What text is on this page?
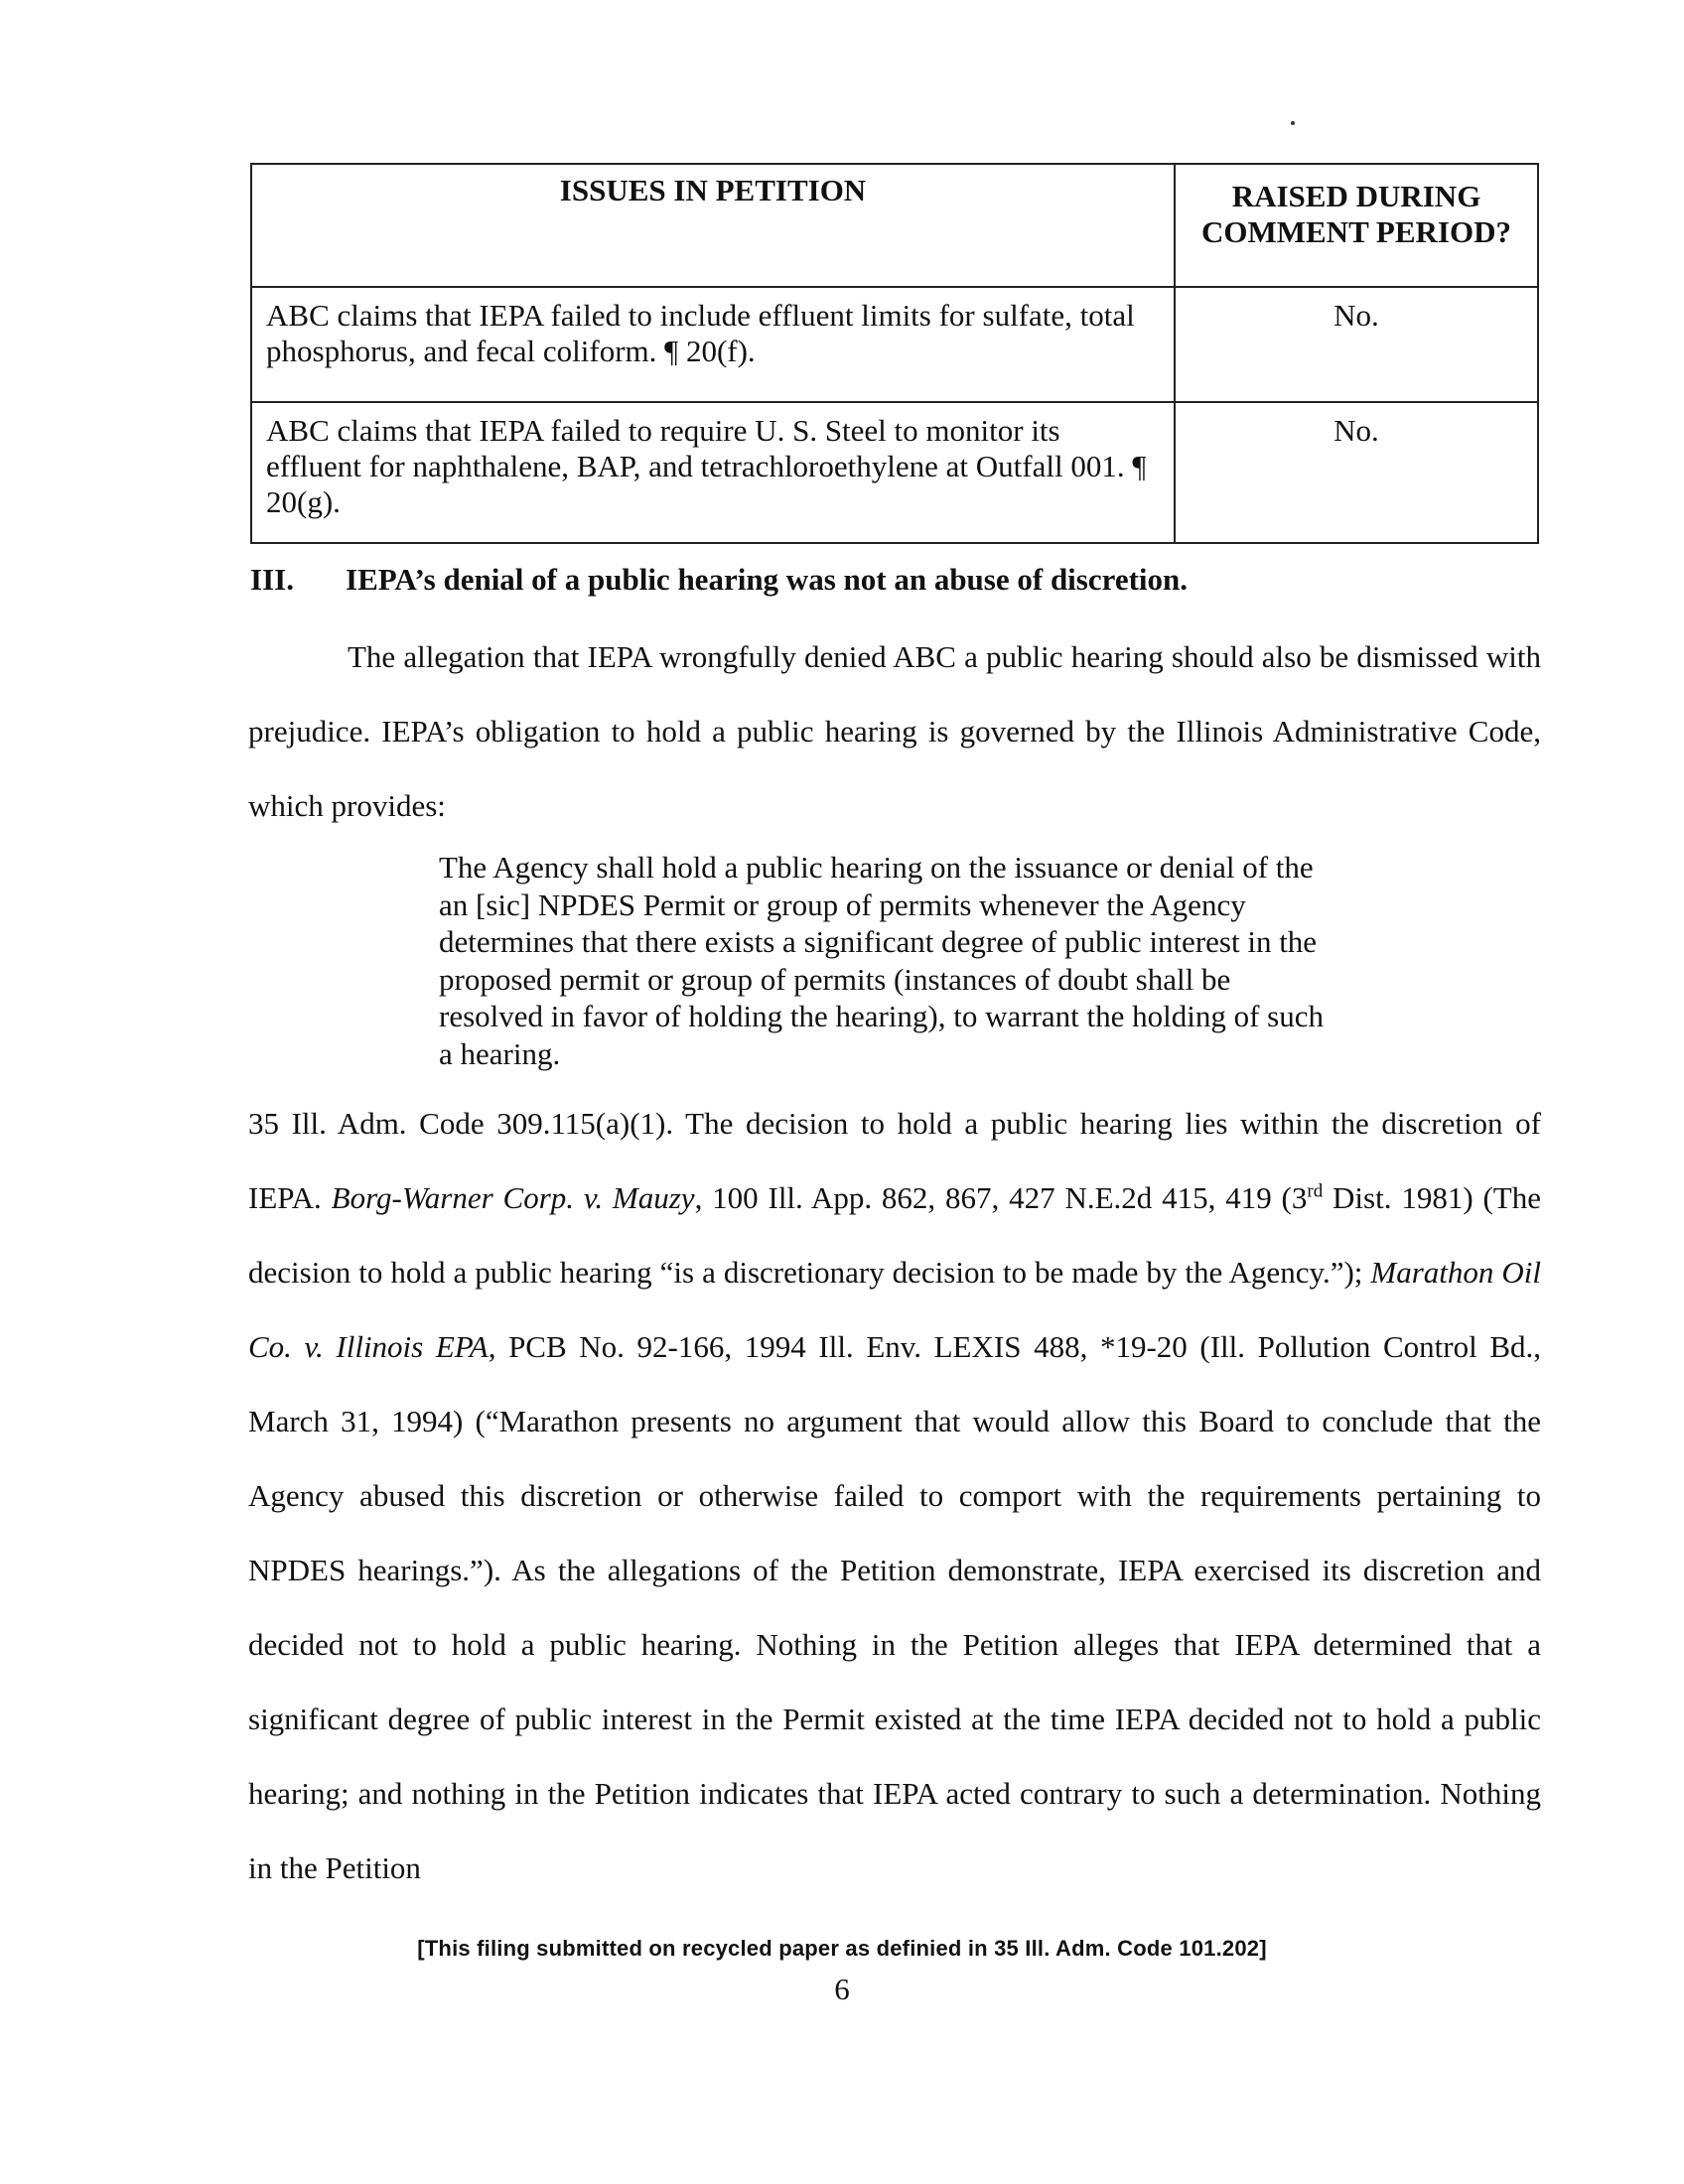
ISSUES IN PETITION	RAISED DURING COMMENT PERIOD?
ABC claims that IEPA failed to include effluent limits for sulfate, total phosphorus, and fecal coliform. ¶ 20(f).	No.
ABC claims that IEPA failed to require U. S. Steel to monitor its effluent for naphthalene, BAP, and tetrachloroethylene at Outfall 001. ¶ 20(g).	No.
III. IEPA’s denial of a public hearing was not an abuse of discretion.

The allegation that IEPA wrongfully denied ABC a public hearing should also be dismissed with prejudice. IEPA’s obligation to hold a public hearing is governed by the Illinois Administrative Code, which provides:

The Agency shall hold a public hearing on the issuance or denial of the an [sic] NPDES Permit or group of permits whenever the Agency determines that there exists a significant degree of public interest in the proposed permit or group of permits (instances of doubt shall be resolved in favor of holding the hearing), to warrant the holding of such a hearing.

35 Ill. Adm. Code 309.115(a)(1). The decision to hold a public hearing lies within the discretion of IEPA. Borg-Warner Corp. v. Mauzy, 100 Ill. App. 862, 867, 427 N.E.2d 415, 419 (3rd Dist. 1981) (The decision to hold a public hearing “is a discretionary decision to be made by the Agency.”); Marathon Oil Co. v. Illinois EPA, PCB No. 92-166, 1994 Ill. Env. LEXIS 488, *19-20 (Ill. Pollution Control Bd., March 31, 1994) (“Marathon presents no argument that would allow this Board to conclude that the Agency abused this discretion or otherwise failed to comport with the requirements pertaining to NPDES hearings.”). As the allegations of the Petition demonstrate, IEPA exercised its discretion and decided not to hold a public hearing. Nothing in the Petition alleges that IEPA determined that a significant degree of public interest in the Permit existed at the time IEPA decided not to hold a public hearing; and nothing in the Petition indicates that IEPA acted contrary to such a determination. Nothing in the Petition

[This filing submitted on recycled paper as definied in 35 Ill. Adm. Code 101.202]
6
